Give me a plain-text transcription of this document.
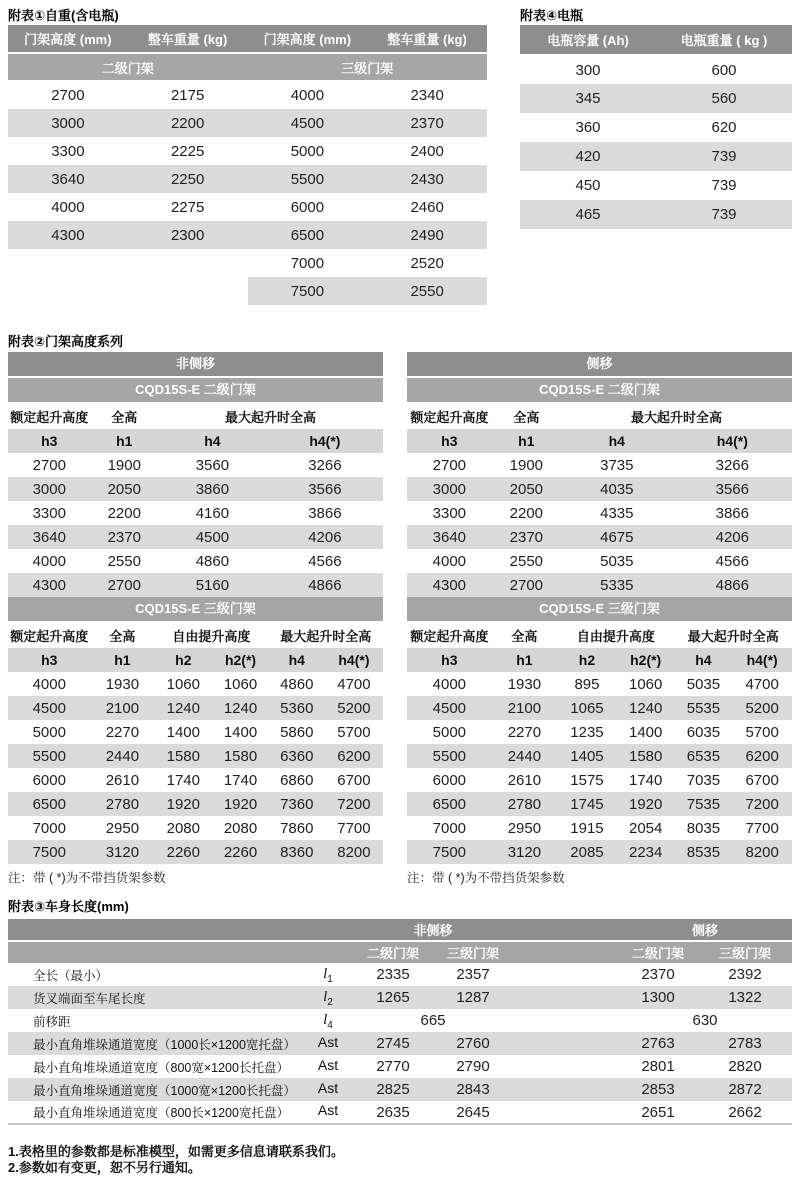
附表①自重(含电瓶)
门架高度 (mm)	整车重量 (kg)	门架高度 (mm)	整车重量 (kg)
二级门架		三级门架	
2700	2175	4000	2340
3000	2200	4500	2370
3300	2225	5000	2400
3640	2250	5500	2430
4000	2275	6000	2460
4300	2300	6500	2490
		7000	2520
		7500	2550
附表④电瓶
电瓶容量 (Ah)	电瓶重量 ( kg )
300	600
345	560
360	620
420	739
450	739
465	739
附表②门架高度系列
非侧移
CQD15S-E 二级门架
额定起升高度	全高	最大起升时全高	
h3	h1	h4	h4(*)
2700	1900	3560	3266
3000	2050	3860	3566
3300	2200	4160	3866
3640	2370	4500	4206
4000	2550	4860	4566
4300	2700	5160	4866
CQD15S-E 三级门架
额定起升高度	全高	自由提升高度		最大起升时全高	
h3	h1	h2	h2(*)	h4	h4(*)
4000	1930	1060	1060	4860	4700
4500	2100	1240	1240	5360	5200
5000	2270	1400	1400	5860	5700
5500	2440	1580	1580	6360	6200
6000	2610	1740	1740	6860	6700
6500	2780	1920	1920	7360	7200
7000	2950	2080	2080	7860	7700
7500	3120	2260	2260	8360	8200
注：带 ( *)为不带挡货架参数
侧移
CQD15S-E 二级门架
额定起升高度	全高	最大起升时全高	
h3	h1	h4	h4(*)
2700	1900	3735	3266
3000	2050	4035	3566
3300	2200	4335	3866
3640	2370	4675	4206
4000	2550	5035	4566
4300	2700	5335	4866
CQD15S-E 三级门架
额定起升高度	全高	自由提升高度		最大起升时全高	
h3	h1	h2	h2(*)	h4	h4(*)
4000	1930	895	1060	5035	4700
4500	2100	1065	1240	5535	5200
5000	2270	1235	1400	6035	5700
5500	2440	1405	1580	6535	6200
6000	2610	1575	1740	7035	6700
6500	2780	1745	1920	7535	7200
7000	2950	1915	2054	8035	7700
7500	3120	2085	2234	8535	8200
注：带 ( *)为不带挡货架参数
附表③车身长度(mm)
		非侧移			侧移	
		二级门架	三级门架		二级门架	三级门架
全长（最小）	$l_1$	2335	2357		2370	2392
货叉端面至车尾长度	$l_2$	1265	1287		1300	1322
前移距	$l_4$	665			630	
最小直角堆垛通道宽度（1000长×1200宽托盘）	Ast	2745	2760		2763	2783
最小直角堆垛通道宽度（800宽×1200长托盘）	Ast	2770	2790		2801	2820
最小直角堆垛通道宽度（1000宽×1200长托盘）	Ast	2825	2843		2853	2872
最小直角堆垛通道宽度（800长×1200宽托盘）	Ast	2635	2645		2651	2662
1.表格里的参数都是标准模型，如需更多信息请联系我们。
2.参数如有变更，恕不另行通知。
